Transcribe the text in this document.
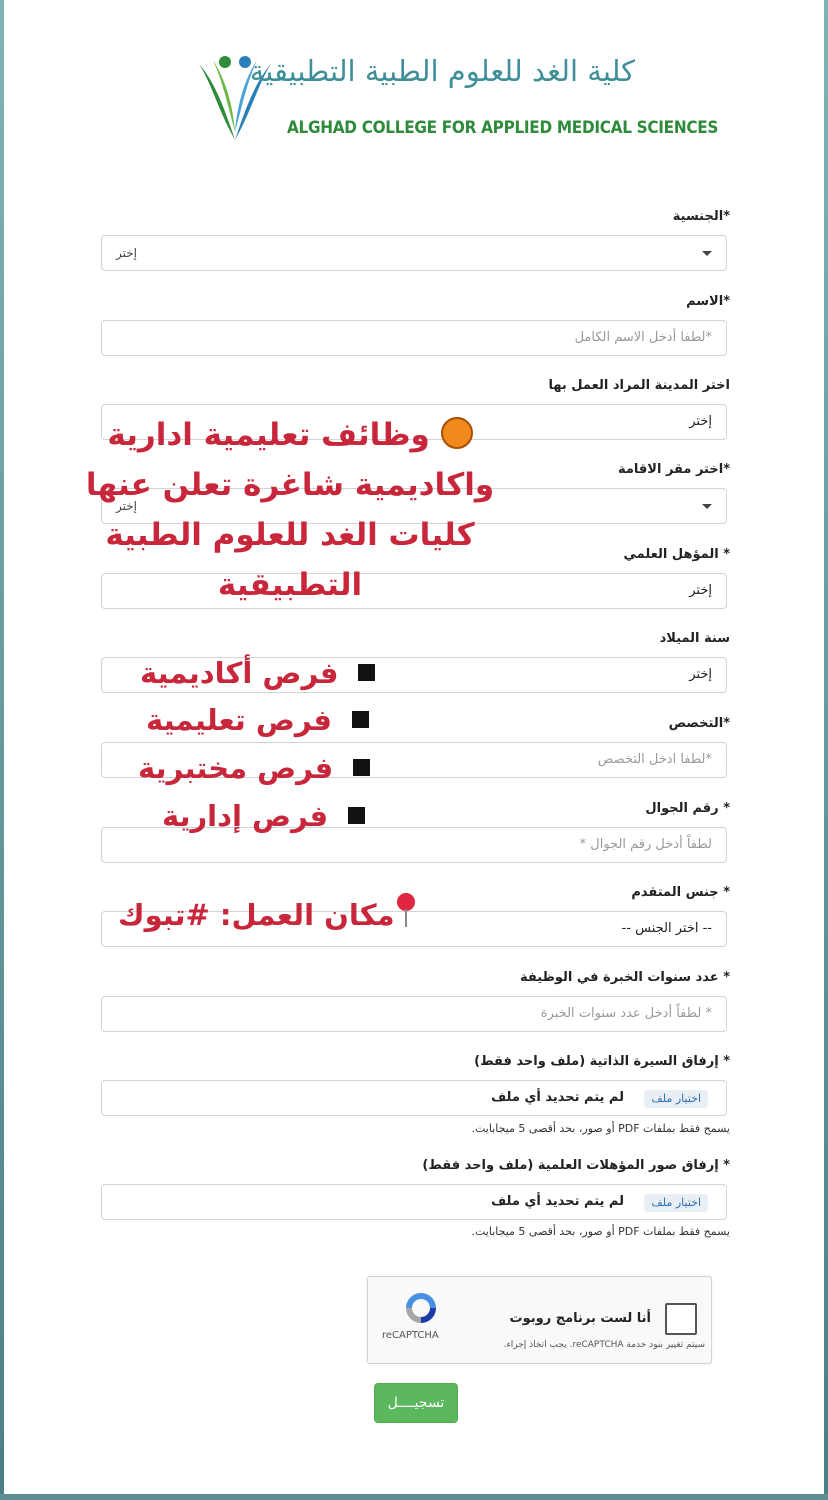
كلية الغد للعلوم الطبية التطبيقية
ALGHAD COLLEGE FOR APPLIED MEDICAL SCIENCES
*الجنسية
إختر
*الاسم
*لطفا أدخل الاسم الكامل
اختر المدينة المراد العمل بها
إختر
*اختر مقر الاقامة
إختر
* المؤهل العلمي
إختر
سنة الميلاد
إختر
*التخصص
*لطفا ادخل التخصص
* رقم الجوال
لطفاً أدخل رقم الجوال *
* جنس المتقدم
-- اختر الجنس --
* عدد سنوات الخبرة في الوظيفة
* لطفاً أدخل عدد سنوات الخبرة
* إرفاق السيرة الذاتية (ملف واحد فقط)
اختيار ملف
لم يتم تحديد أي ملف
يسمح فقط بملفات PDF أو صور، بحد أقصى 5 ميجابايت.
* إرفاق صور المؤهلات العلمية (ملف واحد فقط)
اختيار ملف
لم يتم تحديد أي ملف
يسمح فقط بملفات PDF أو صور، بحد أقصى 5 ميجابايت.
أنا لست برنامج روبوت
سيتم تغيير بنود خدمة reCAPTCHA. يجب اتخاذ إجراء.
reCAPTCHA
تسجيــــل
وظائف تعليمية ادارية واكاديمية شاغرة تعلن عنها كليات الغد للعلوم الطبية التطبيقية
فرص أكاديمية
فرص تعليمية
فرص مختبرية
فرص إدارية
مكان العمل: #تبوك
